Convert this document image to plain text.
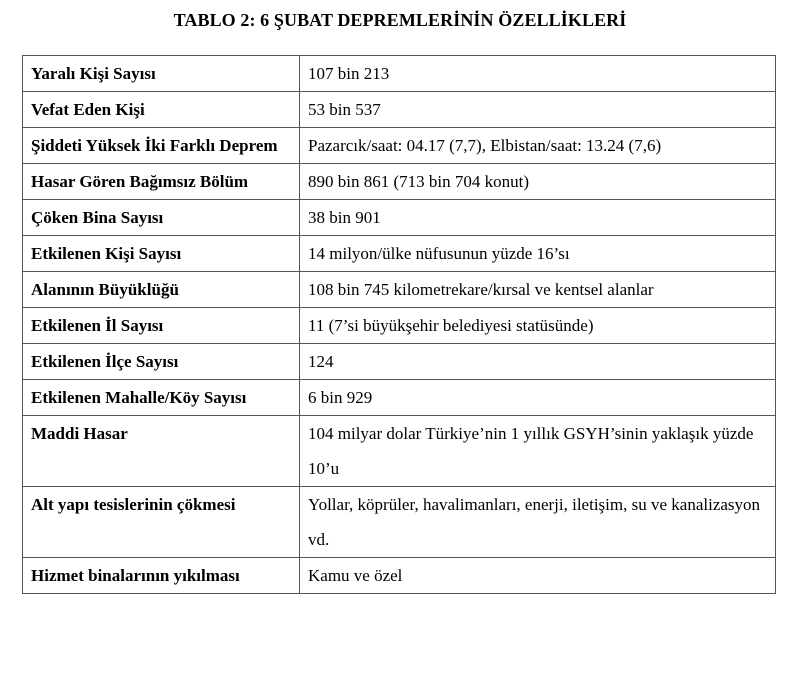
TABLO 2: 6 ŞUBAT DEPREMLERİNİN ÖZELLİKLERİ
Yaralı Kişi Sayısı	107 bin 213
Vefat Eden Kişi	53 bin 537
Şiddeti Yüksek İki Farklı Deprem	Pazarcık/saat: 04.17 (7,7), Elbistan/saat: 13.24 (7,6)
Hasar Gören Bağımsız Bölüm	890 bin 861 (713 bin 704 konut)
Çöken Bina Sayısı	38 bin 901
Etkilenen Kişi Sayısı	14 milyon/ülke nüfusunun yüzde 16’sı
Alanının Büyüklüğü	108 bin 745 kilometrekare/kırsal ve kentsel alanlar
Etkilenen İl Sayısı	11 (7’si büyükşehir belediyesi statüsünde)
Etkilenen İlçe Sayısı	124
Etkilenen Mahalle/Köy Sayısı	6 bin 929
Maddi Hasar	104 milyar dolar Türkiye’nin 1 yıllık GSYH’sinin yaklaşık yüzde 10’u
Alt yapı tesislerinin çökmesi	Yollar, köprüler, havalimanları, enerji, iletişim, su ve kanalizasyon vd.
Hizmet binalarının yıkılması	Kamu ve özel
